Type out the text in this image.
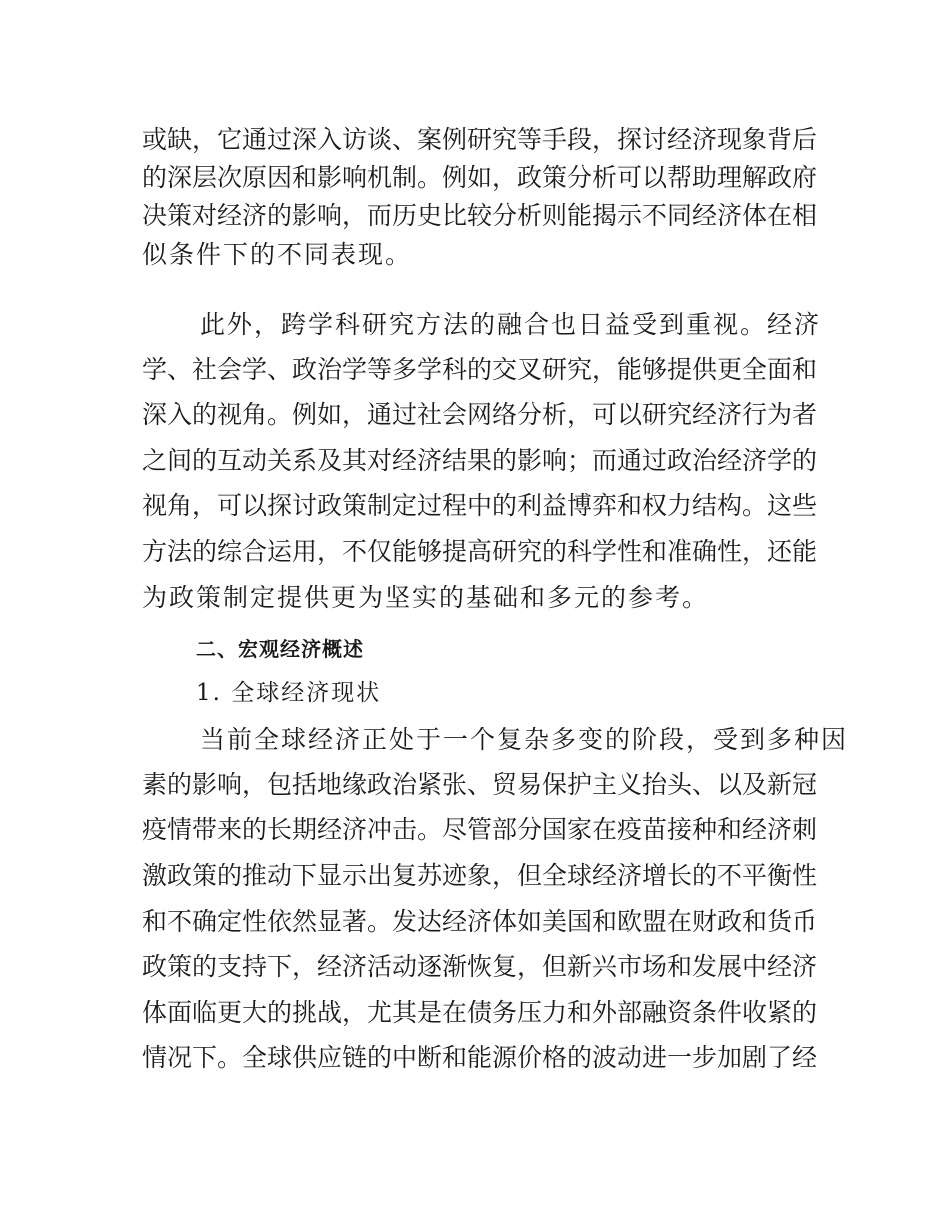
或缺，它通过深入访谈、案例研究等手段，探讨经济现象背后
的深层次原因和影响机制。例如，政策分析可以帮助理解政府
决策对经济的影响，而历史比较分析则能揭示不同经济体在相
似条件下的不同表现。
此外，跨学科研究方法的融合也日益受到重视。经济
学、社会学、政治学等多学科的交叉研究，能够提供更全面和
深入的视角。例如，通过社会网络分析，可以研究经济行为者
之间的互动关系及其对经济结果的影响；而通过政治经济学的
视角，可以探讨政策制定过程中的利益博弈和权力结构。这些
方法的综合运用，不仅能够提高研究的科学性和准确性，还能
为政策制定提供更为坚实的基础和多元的参考。
二、宏观经济概述
1. 全球经济现状
当前全球经济正处于一个复杂多变的阶段，受到多种因
素的影响，包括地缘政治紧张、贸易保护主义抬头、以及新冠
疫情带来的长期经济冲击。尽管部分国家在疫苗接种和经济刺
激政策的推动下显示出复苏迹象，但全球经济增长的不平衡性
和不确定性依然显著。发达经济体如美国和欧盟在财政和货币
政策的支持下，经济活动逐渐恢复，但新兴市场和发展中经济
体面临更大的挑战，尤其是在债务压力和外部融资条件收紧的
情况下。全球供应链的中断和能源价格的波动进一步加剧了经
